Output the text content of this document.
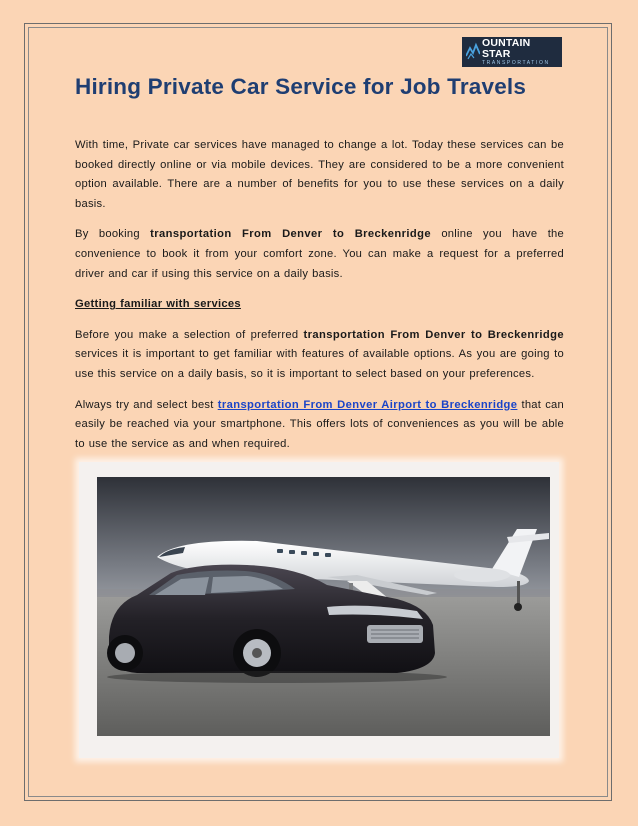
OUNTAIN STAR
TRANSPORTATION
Hiring Private Car Service for Job Travels

With time, Private car services have managed to change a lot. Today these services can be booked directly online or via mobile devices. They are considered to be a more convenient option available. There are a number of benefits for you to use these services on a daily basis.

By booking transportation From Denver to Breckenridge online you have the convenience to book it from your comfort zone. You can make a request for a preferred driver and car if using this service on a daily basis.

Getting familiar with services

Before you make a selection of preferred transportation From Denver to Breckenridge services it is important to get familiar with features of available options. As you are going to use this service on a daily basis, so it is important to select based on your preferences.

Always try and select best transportation From Denver Airport to Breckenridge that can easily be reached via your smartphone. This offers lots of conveniences as you will be able to use the service as and when required.
